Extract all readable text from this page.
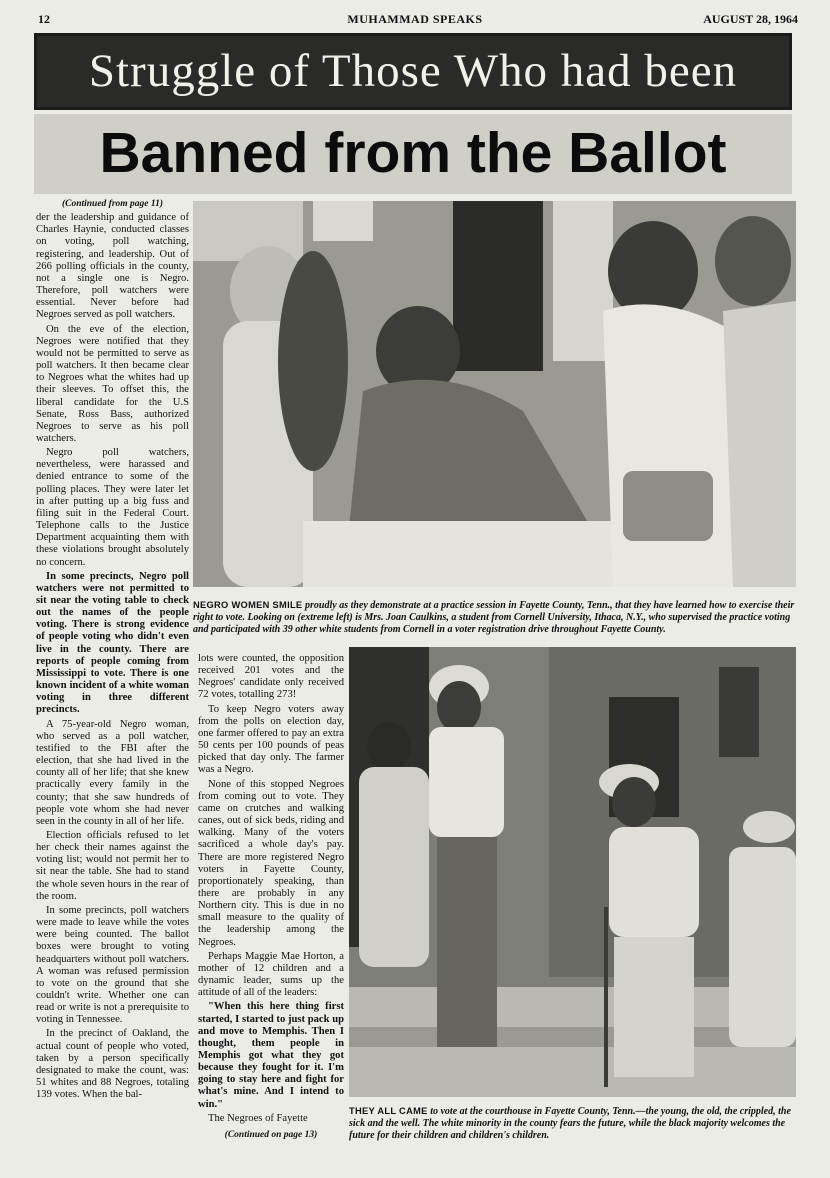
12	MUHAMMAD SPEAKS	AUGUST 28, 1964
Struggle of Those Who had been
Banned from the Ballot

(Continued from page 11)

der the leadership and guidance of Charles Haynie, conducted classes on voting, poll watching, registering, and leadership. Out of 266 polling officials in the county, not a single one is Negro. Therefore, poll watchers were essential. Never before had Negroes served as poll watchers.

On the eve of the election, Negroes were notified that they would not be permitted to serve as poll watchers. It then became clear to Negroes what the whites had up their sleeves. To offset this, the liberal candidate for the U.S Senate, Ross Bass, authorized Negroes to serve as his poll watchers.

Negro poll watchers, nevertheless, were harassed and denied entrance to some of the polling places. They were later let in after putting up a big fuss and filing suit in the Federal Court. Telephone calls to the Justice Department acquainting them with these violations brought absolutely no concern.

In some precincts, Negro poll watchers were not permitted to sit near the voting table to check out the names of the people voting. There is strong evidence of people voting who didn't even live in the county. There are reports of people coming from Mississippi to vote. There is one known incident of a white woman voting in three different precincts.

A 75-year-old Negro woman, who served as a poll watcher, testified to the FBI after the election, that she had lived in the county all of her life; that she knew practically every family in the county; that she saw hundreds of people vote whom she had never seen in the county in all of her life.

Election officials refused to let her check their names against the voting list; would not permit her to sit near the table. She had to stand the whole seven hours in the rear of the room.

In some precincts, poll watchers were made to leave while the votes were being counted. The ballot boxes were brought to voting headquarters without poll watchers. A woman was refused permission to vote on the ground that she couldn't write. Whether one can read or write is not a prerequisite to voting in Tennessee.

In the precinct of Oakland, the actual count of people who voted, taken by a person specifically designated to make the count, was: 51 whites and 88 Negroes, totaling 139 votes. When the bal-

NEGRO WOMEN SMILE proudly as they demonstrate at a practice session in Fayette County, Tenn., that they have learned how to exercise their right to vote. Looking on (extreme left) is Mrs. Joan Caulkins, a student from Cornell University, Ithaca, N.Y., who supervised the practice voting and participated with 39 other white students from Cornell in a voter registration drive throughout Fayette County.

lots were counted, the opposition received 201 votes and the Negroes' candidate only received 72 votes, totalling 273!

To keep Negro voters away from the polls on election day, one farmer offered to pay an extra 50 cents per 100 pounds of peas picked that day only. The farmer was a Negro.

None of this stopped Negroes from coming out to vote. They came on crutches and walking canes, out of sick beds, riding and walking. Many of the voters sacrificed a whole day's pay. There are more registered Negro voters in Fayette County, proportionately speaking, than there are probably in any Northern city. This is due in no small measure to the quality of the leadership among the Negroes.

Perhaps Maggie Mae Horton, a mother of 12 children and a dynamic leader, sums up the attitude of all of the leaders:

"When this here thing first started, I started to just pack up and move to Memphis. Then I thought, them people in Memphis got what they got because they fought for it. I'm going to stay here and fight for what's mine. And I intend to win."

The Negroes of Fayette

(Continued on page 13)

THEY ALL CAME to vote at the courthouse in Fayette County, Tenn.—the young, the old, the crippled, the sick and the well. The white minority in the county fears the future, while the black majority welcomes the future for their children and children's children.
